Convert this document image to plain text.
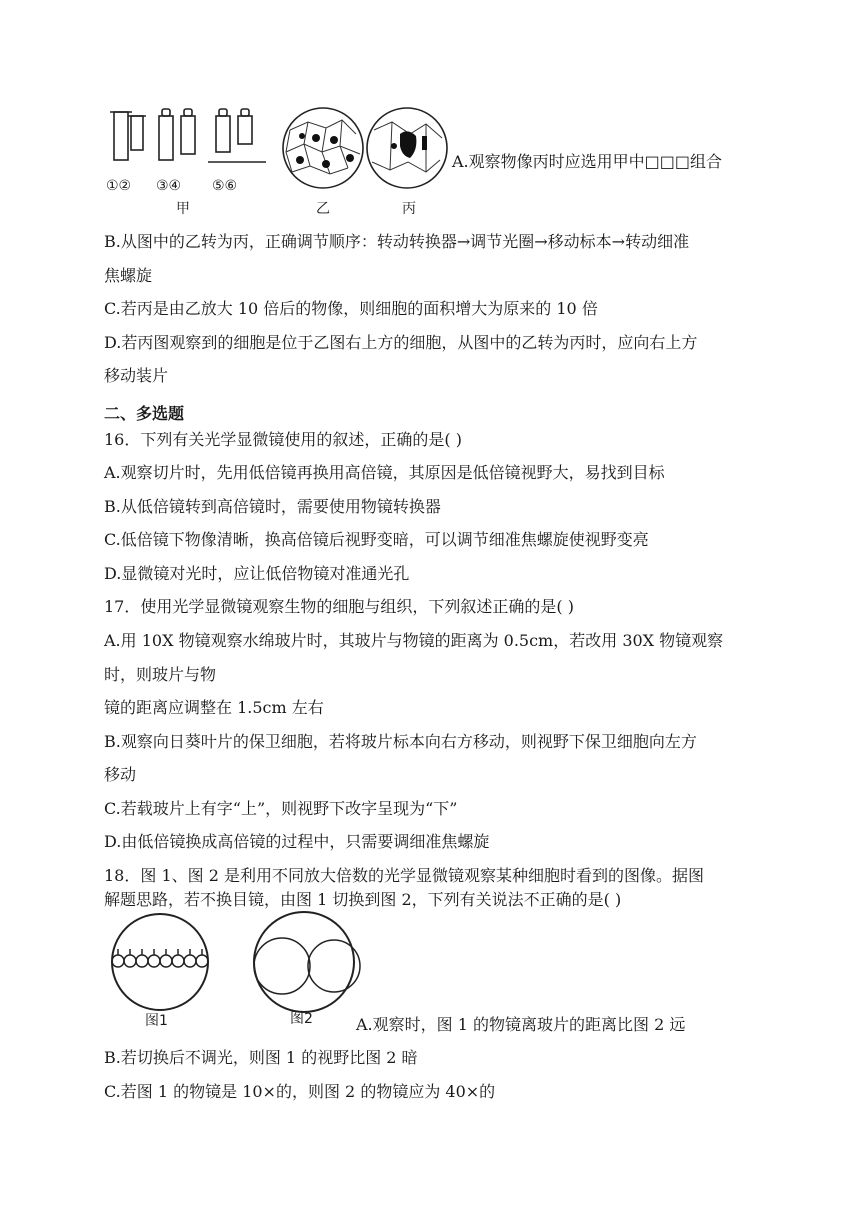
①② ③④ ⑤⑥
甲	乙	丙
A.观察物像丙时应选用甲中□□□组合
B.从图中的乙转为丙，正确调节顺序：转动转换器→调节光圈→移动标本→转动细准
焦螺旋
C.若丙是由乙放大 10 倍后的物像，则细胞的面积增大为原来的 10 倍
D.若丙图观察到的细胞是位于乙图右上方的细胞，从图中的乙转为丙时，应向右上方
移动装片
二、多选题
16．下列有关光学显微镜使用的叙述，正确的是( )
A.观察切片时，先用低倍镜再换用高倍镜，其原因是低倍镜视野大，易找到目标
B.从低倍镜转到高倍镜时，需要使用物镜转换器
C.低倍镜下物像清晰，换高倍镜后视野变暗，可以调节细准焦螺旋使视野变亮
D.显微镜对光时，应让低倍物镜对准通光孔
17．使用光学显微镜观察生物的细胞与组织，下列叙述正确的是( )
A.用 10X 物镜观察水绵玻片时，其玻片与物镜的距离为 0.5cm，若改用 30X 物镜观察
时，则玻片与物
镜的距离应调整在 1.5cm 左右
B.观察向日葵叶片的保卫细胞，若将玻片标本向右方移动，则视野下保卫细胞向左方
移动
C.若载玻片上有字“上”，则视野下改字呈现为“下”
D.由低倍镜换成高倍镜的过程中，只需要调细准焦螺旋
18．图 1、图 2 是利用不同放大倍数的光学显微镜观察某种细胞时看到的图像。据图
解题思路，若不换目镜，由图 1 切换到图 2，下列有关说法不正确的是( )
图1	图2	A.观察时，图 1 的物镜离玻片的距离比图 2 远
B.若切换后不调光，则图 1 的视野比图 2 暗
C.若图 1 的物镜是 10×的，则图 2 的物镜应为 40×的
